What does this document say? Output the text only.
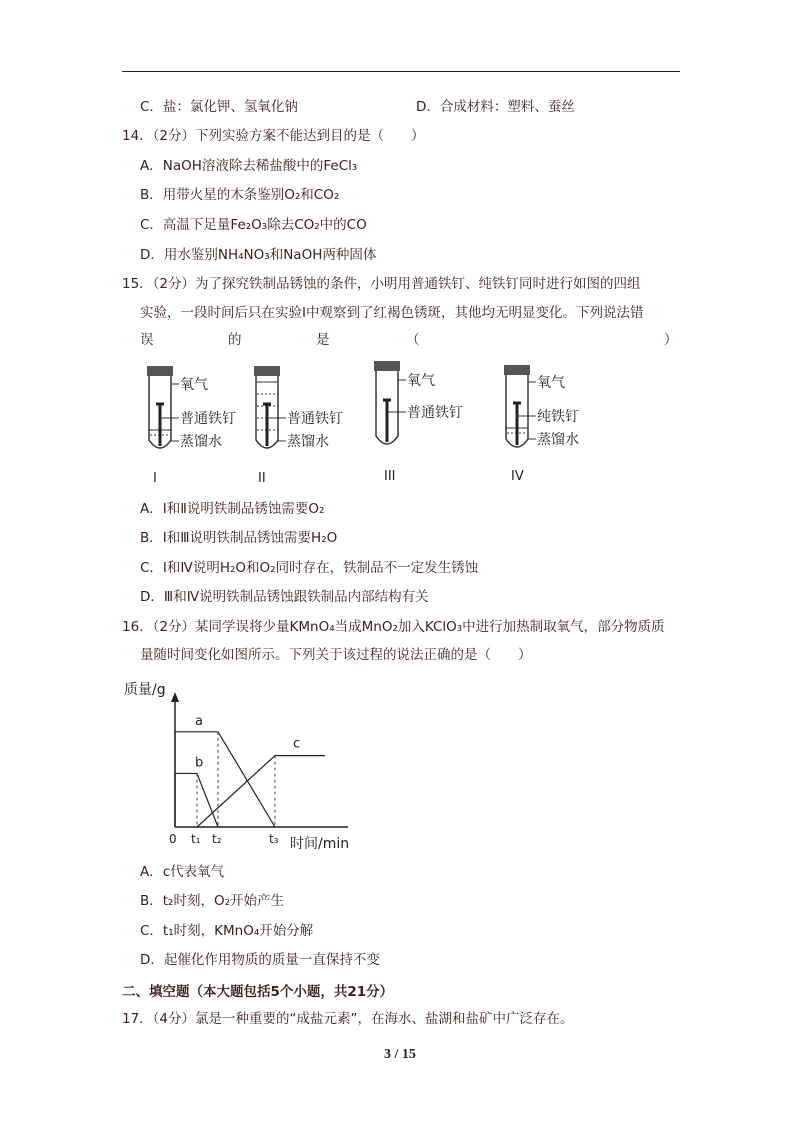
C．盐：氯化钾、氢氧化钠	D．合成材料：塑料、蚕丝
14．（2分）下列实验方案不能达到目的是（　　）
A．NaOH溶液除去稀盐酸中的FeCl₃
B．用带火星的木条鉴别O₂和CO₂
C．高温下足量Fe₂O₃除去CO₂中的CO
D．用水鉴别NH₄NO₃和NaOH两种固体
15．（2分）为了探究铁制品锈蚀的条件，小明用普通铁钉、纯铁钉同时进行如图的四组
实验，一段时间后只在实验Ⅰ中观察到了红褐色锈斑，其他均无明显变化。下列说法错
误	的	是	（	）
氧气
普通铁钉
蒸馏水
I
普通铁钉
蒸馏水
II
氧气
普通铁钉
III
氧气
纯铁钉
蒸馏水
IV
A．Ⅰ和Ⅱ说明铁制品锈蚀需要O₂
B．Ⅰ和Ⅲ说明铁制品锈蚀需要H₂O
C．Ⅰ和Ⅳ说明H₂O和O₂同时存在，铁制品不一定发生锈蚀
D．Ⅲ和Ⅳ说明铁制品锈蚀跟铁制品内部结构有关
16．（2分）某同学误将少量KMnO₄当成MnO₂加入KClO₃中进行加热制取氧气，部分物质质
量随时间变化如图所示。下列关于该过程的说法正确的是（　　）
质量/g
时间/min
0 t₁ t₂	t₃
a
b
c
A．c代表氧气
B．t₂时刻，O₂开始产生
C．t₁时刻，KMnO₄开始分解
D．起催化作用物质的质量一直保持不变
二、填空题（本大题包括5个小题，共21分）
17．（4分）氯是一种重要的“成盐元素”，在海水、盐湖和盐矿中广泛存在。
3 / 15
